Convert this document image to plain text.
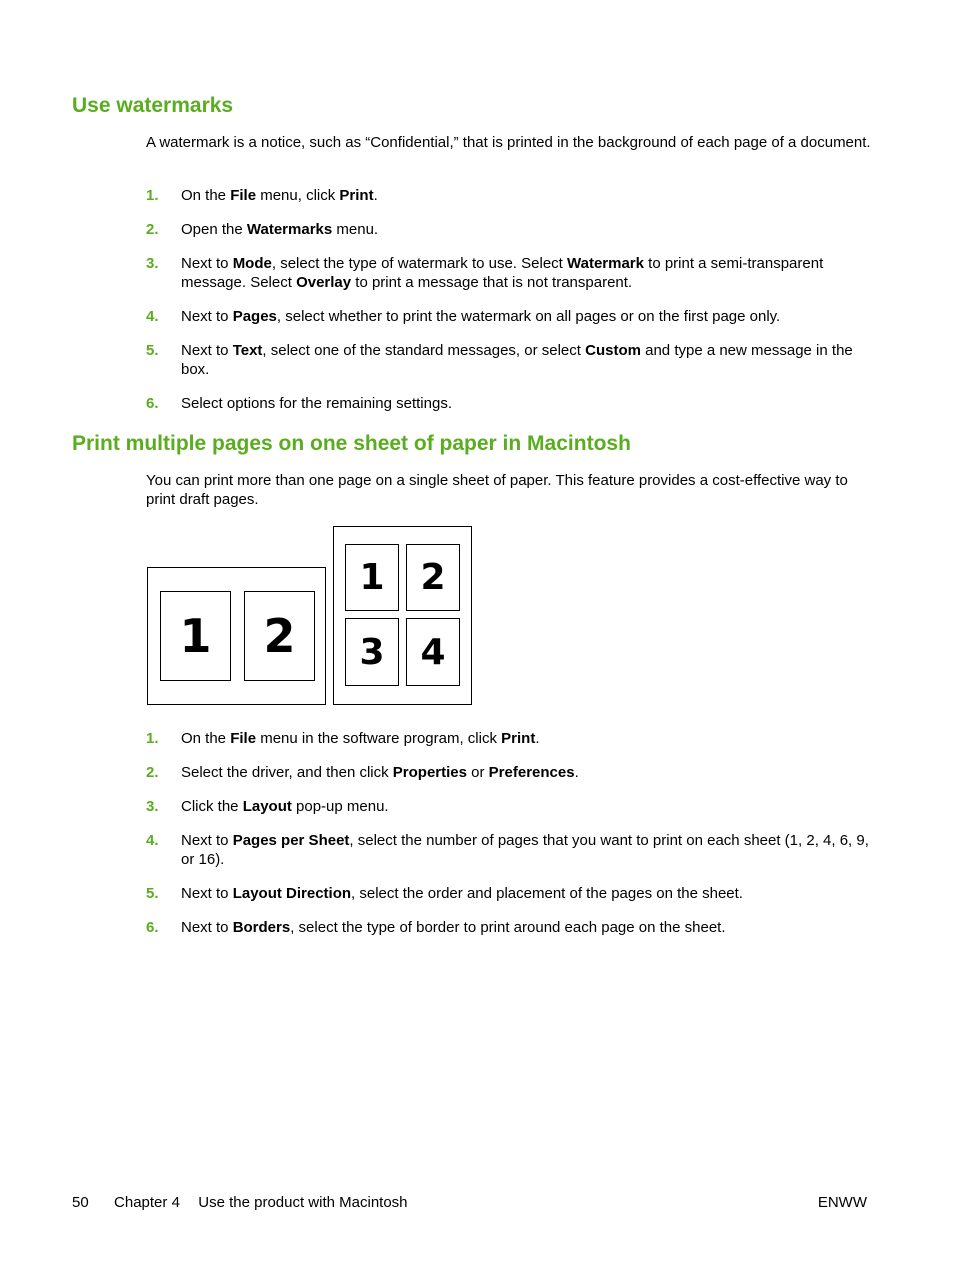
Use watermarks

A watermark is a notice, such as “Confidential,” that is printed in the background of each page of a document.

1. On the File menu, click Print.
2. Open the Watermarks menu.
3. Next to Mode, select the type of watermark to use. Select Watermark to print a semi-transparent message. Select Overlay to print a message that is not transparent.
4. Next to Pages, select whether to print the watermark on all pages or on the first page only.
5. Next to Text, select one of the standard messages, or select Custom and type a new message in the box.
6. Select options for the remaining settings.
Print multiple pages on one sheet of paper in Macintosh

You can print more than one page on a single sheet of paper. This feature provides a cost-effective way to print draft pages.

1	2
1 2
3 4
1. On the File menu in the software program, click Print.
2. Select the driver, and then click Properties or Preferences.
3. Click the Layout pop-up menu.
4. Next to Pages per Sheet, select the number of pages that you want to print on each sheet (1, 2, 4, 6, 9, or 16).
5. Next to Layout Direction, select the order and placement of the pages on the sheet.
6. Next to Borders, select the type of border to print around each page on the sheet.
50 Chapter 4 Use the product with Macintosh	ENWW
